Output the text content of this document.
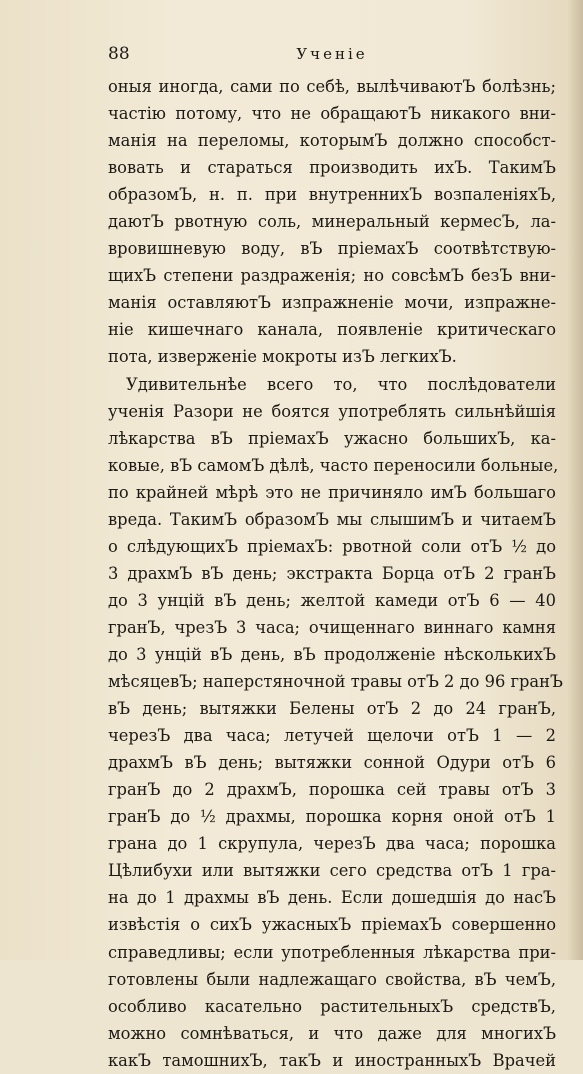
88	Ученіе
оныя иногда, сами по себѣ, вылѣчиваютЪ болѣзнь;
частію потому, что не обращаютЪ никакого вни-
манія на переломы, которымЪ должно способст-
вовать и стараться производить ихЪ. ТакимЪ
образомЪ, н. п. при внутреннихЪ возпаленіяхЪ,
даютЪ рвотную соль, минеральный кермесЪ, ла-
вровишневую воду, вЪ пріемахЪ соотвѣтствую-
щихЪ степени раздраженія; но совсѣмЪ безЪ вни-
манія оставляютЪ изпражненіе мочи, изпражне-
ніе кишечнаго канала, появленіе критическаго
пота, изверженіе мокроты изЪ легкихЪ.
Удивительнѣе всего то, что послѣдователи
ученія Разори не боятся употреблять сильнѣйшія
лѣкарства вЪ пріемахЪ ужасно большихЪ, ка-
ковые, вЪ самомЪ дѣлѣ, часто переносили больные,
по крайней мѣрѣ это не причиняло имЪ большаго
вреда. ТакимЪ образомЪ мы слышимЪ и читаемЪ
о слѣдующихЪ пріемахЪ: рвотной соли отЪ ½ до
3 драхмЪ вЪ день; экстракта Борца отЪ 2 гранЪ
до 3 унцій вЪ день; желтой камеди отЪ 6 — 40
гранЪ, чрезЪ 3 часа; очищеннаго виннаго камня
до 3 унцій вЪ день, вЪ продолженіе нѣсколькихЪ
мѣсяцевЪ; наперстяночной травы отЪ 2 до 96 гранЪ
вЪ день; вытяжки Белены отЪ 2 до 24 гранЪ,
черезЪ два часа; летучей щелочи отЪ 1 — 2
драхмЪ вЪ день; вытяжки сонной Одури отЪ 6
гранЪ до 2 драхмЪ, порошка сей травы отЪ 3
гранЪ до ½ драхмы, порошка корня оной отЪ 1
грана до 1 скрупула, черезЪ два часа; порошка
Цѣлибухи или вытяжки сего средства отЪ 1 гра-
на до 1 драхмы вЪ день. Если дошедшія до насЪ
извѣстія о сихЪ ужасныхЪ пріемахЪ совершенно
справедливы; если употребленныя лѣкарства при-
готовлены были надлежащаго свойства, вЪ чемЪ,
особливо касательно растительныхЪ средствЪ,
можно сомнѣваться, и что даже для многихЪ
какЪ тамошнихЪ, такЪ и иностранныхЪ Врачей
